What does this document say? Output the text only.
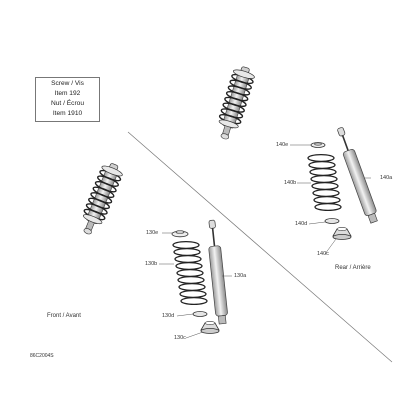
Screw / Vis
Item 192
Nut / Écrou
Item 1910
130e
130b
130a
130d
130c
140e
140b
140a
140d
140c
Rear / Arrière
Front / Avant
86C2004S
